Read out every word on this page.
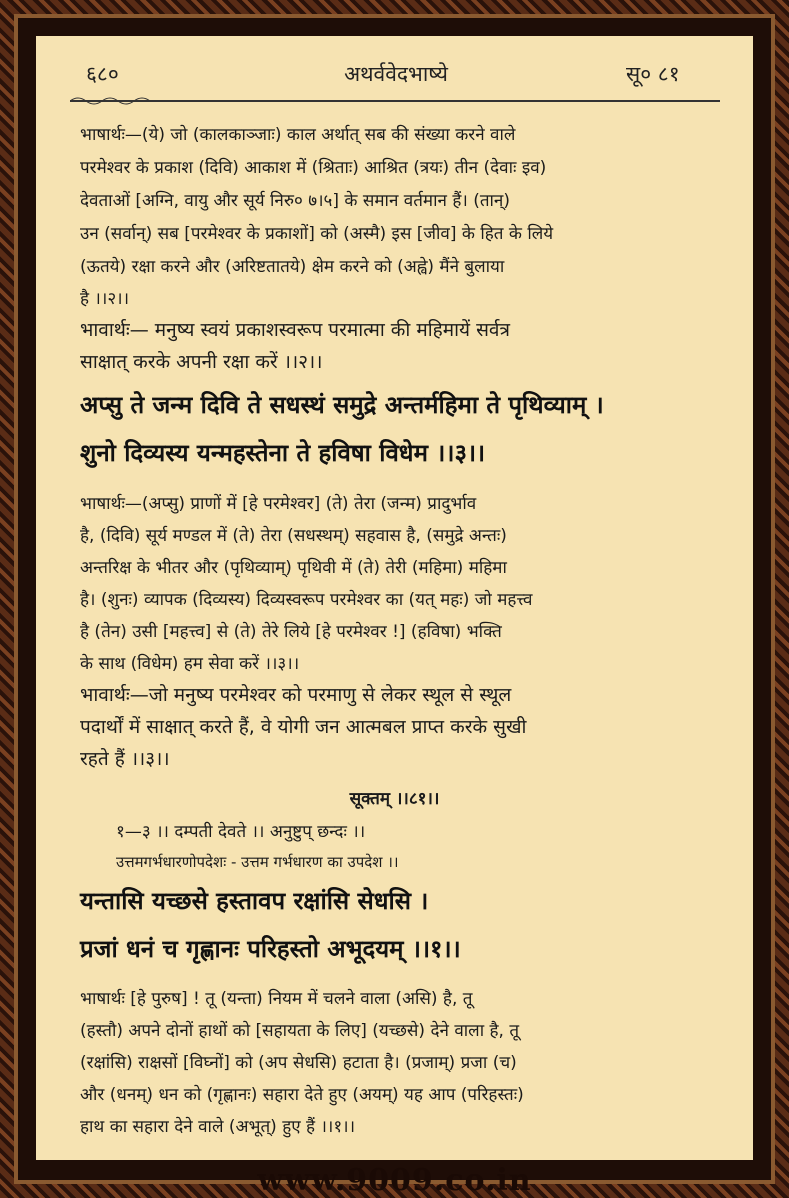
६८०	अथर्ववेदभाष्ये	सू० ८१
भाषार्थः—(ये) जो (कालकाञ्जाः) काल अर्थात् सब की संख्या करने वाले
परमेश्वर के प्रकाश (दिवि) आकाश में (श्रिताः) आश्रित (त्रयः) तीन (देवाः इव)
देवताओं [अग्नि, वायु और सूर्य निरु० ७।५] के समान वर्तमान हैं। (तान्)
उन (सर्वान्) सब [परमेश्वर के प्रकाशों] को (अस्मै) इस [जीव] के हित के लिये
(ऊतये) रक्षा करने और (अरिष्टतातये) क्षेम करने को (अह्वे) मैंने बुलाया
है ।।२।।
भावार्थः— मनुष्य स्वयं प्रकाशस्वरूप परमात्मा की महिमायें सर्वत्र
साक्षात् करके अपनी रक्षा करें ।।२।।
अप्सु ते जन्म दिवि ते सधस्थं समुद्रे अन्तर्महिमा ते पृथिव्याम् ।
शुनो दिव्यस्य यन्महस्तेना ते हविषा विधेम ।।३।।
भाषार्थः—(अप्सु) प्राणों में [हे परमेश्वर] (ते) तेरा (जन्म) प्रादुर्भाव
है, (दिवि) सूर्य मण्डल में (ते) तेरा (सधस्थम्) सहवास है, (समुद्रे अन्तः)
अन्तरिक्ष के भीतर और (पृथिव्याम्) पृथिवी में (ते) तेरी (महिमा) महिमा
है। (शुनः) व्यापक (दिव्यस्य) दिव्यस्वरूप परमेश्वर का (यत् महः) जो महत्त्व
है (तेन) उसी [महत्त्व] से (ते) तेरे लिये [हे परमेश्वर !] (हविषा) भक्ति
के साथ (विधेम) हम सेवा करें ।।३।।
भावार्थः—जो मनुष्य परमेश्वर को परमाणु से लेकर स्थूल से स्थूल
पदार्थों में साक्षात् करते हैं, वे योगी जन आत्मबल प्राप्त करके सुखी
रहते हैं ।।३।।
सूक्तम् ।।८१।।
१—३ ।। दम्पती देवते ।। अनुष्टुप् छन्दः ।।
उत्तमगर्भधारणोपदेशः - उत्तम गर्भधारण का उपदेश ।।
यन्तासि यच्छसे हस्तावप रक्षांसि सेधसि ।
प्रजां धनं च गृह्णानः परिहस्तो अभूदयम् ।।१।।
भाषार्थः [हे पुरुष] ! तू (यन्ता) नियम में चलने वाला (असि) है, तू
(हस्तौ) अपने दोनों हाथों को [सहायता के लिए] (यच्छसे) देने वाला है, तू
(रक्षांसि) राक्षसों [विघ्नों] को (अप सेधसि) हटाता है। (प्रजाम्) प्रजा (च)
और (धनम्) धन को (गृह्णानः) सहारा देते हुए (अयम्) यह आप (परिहस्तः)
हाथ का सहारा देने वाले (अभूत्) हुए हैं ।।१।।
www.9009.co.in
